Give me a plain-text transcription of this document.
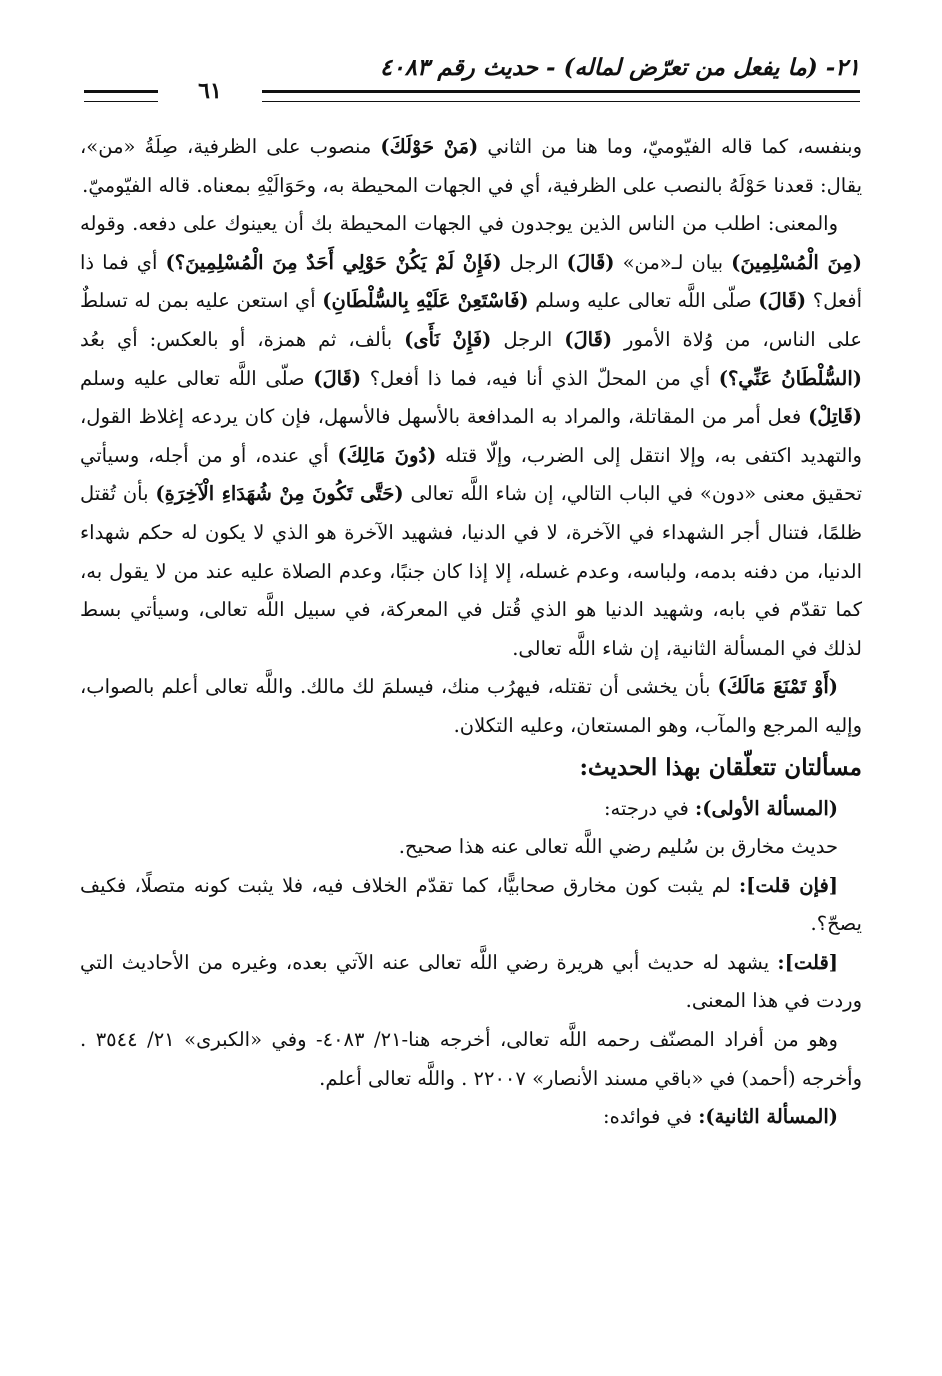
٢١- (ما يفعل من تعرّض لماله) - حديث رقم ٤٠٨٣
٦١

وبنفسه، كما قاله الفيّوميّ، وما هنا من الثاني (مَنْ حَوْلَكَ) منصوب على الظرفية، صِلَةُ «من»، يقال: قعدنا حَوْلَهُ بالنصب على الظرفية، أي في الجهات المحيطة به، وحَوَالَيْهِ بمعناه. قاله الفيّوميّ.

والمعنى: اطلب من الناس الذين يوجدون في الجهات المحيطة بك أن يعينوك على دفعه. وقوله (مِنَ الْمُسْلِمِينَ) بيان لـ«من» (قَالَ) الرجل (فَإِنْ لَمْ يَكُنْ حَوْلِي أَحَدٌ مِنَ الْمُسْلِمِينَ؟) أي فما ذا أفعل؟ (قَالَ) صلّى اللَّه تعالى عليه وسلم (فَاسْتَعِنْ عَلَيْهِ بِالسُّلْطَانِ) أي استعن عليه بمن له تسلطٌ على الناس، من وُلاة الأمور (قَالَ) الرجل (فَإِنْ نَأَى) بألف، ثم همزة، أو بالعكس: أي بعُد (السُّلْطَانُ عَنِّي؟) أي من المحلّ الذي أنا فيه، فما ذا أفعل؟ (قَالَ) صلّى اللَّه تعالى عليه وسلم (قَاتِلْ) فعل أمر من المقاتلة، والمراد به المدافعة بالأسهل فالأسهل، فإن كان يردعه إغلاظ القول، والتهديد اكتفى به، وإلا انتقل إلى الضرب، وإلّا قتله (دُونَ مَالِكَ) أي عنده، أو من أجله، وسيأتي تحقيق معنى «دون» في الباب التالي، إن شاء اللَّه تعالى (حَتَّى تَكُونَ مِنْ شُهَدَاءِ الْآخِرَةِ) بأن تُقتل ظلمًا، فتنال أجر الشهداء في الآخرة، لا في الدنيا، فشهيد الآخرة هو الذي لا يكون له حكم شهداء الدنيا، من دفنه بدمه، ولباسه، وعدم غسله، إلا إذا كان جنبًا، وعدم الصلاة عليه عند من لا يقول به، كما تقدّم في بابه، وشهيد الدنيا هو الذي قُتل في المعركة، في سبيل اللَّه تعالى، وسيأتي بسط لذلك في المسألة الثانية، إن شاء اللَّه تعالى.

(أَوْ تَمْنَعَ مَالَكَ) بأن يخشى أن تقتله، فيهرُب منك، فيسلمَ لك مالك. واللَّه تعالى أعلم بالصواب، وإليه المرجع والمآب، وهو المستعان، وعليه التكلان.

مسألتان تتعلّقان بهذا الحديث:

(المسألة الأولى): في درجته:

حديث مخارق بن سُليم رضي اللَّه تعالى عنه هذا صحيح.

[فإن قلت]: لم يثبت كون مخارق صحابيًّا، كما تقدّم الخلاف فيه، فلا يثبت كونه متصلًا، فكيف يصحّ؟.

[قلت]: يشهد له حديث أبي هريرة رضي اللَّه تعالى عنه الآتي بعده، وغيره من الأحاديث التي وردت في هذا المعنى.

وهو من أفراد المصنّف رحمه اللَّه تعالى، أخرجه هنا-٢١/ ٤٠٨٣- وفي «الكبرى» ٢١/ ٣٥٤٤ . وأخرجه (أحمد) في «باقي مسند الأنصار» ٢٢٠٠٧ . واللَّه تعالى أعلم.

(المسألة الثانية): في فوائده:
